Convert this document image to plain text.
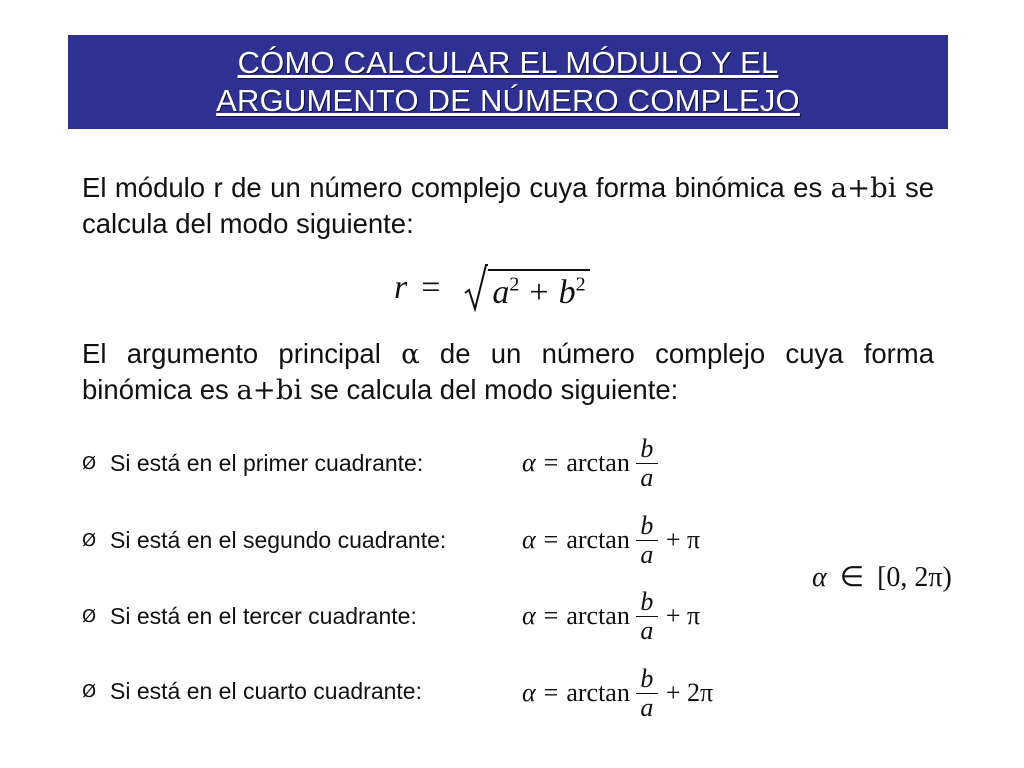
CÓMO CALCULAR EL MÓDULO Y EL
ARGUMENTO DE NÚMERO COMPLEJO
El módulo r de un número complejo cuya forma binómica es a+bi se calcula del modo siguiente:
r =	$a^2 + b^2$
El argumento principal α de un número complejo cuya forma binómica es a+bi se calcula del modo siguiente:
Ø Si está en el primer cuadrante:	$\alpha = \arctan \frac{b}{a}$
Ø Si está en el segundo cuadrante:	$\alpha = \arctan \frac{b}{a} + \pi$
Ø Si está en el tercer cuadrante:	$\alpha = \arctan \frac{b}{a} + \pi$
Ø Si está en el cuarto cuadrante:	$\alpha = \arctan \frac{b}{a} + 2\pi$
α ∈ [0, 2π)
